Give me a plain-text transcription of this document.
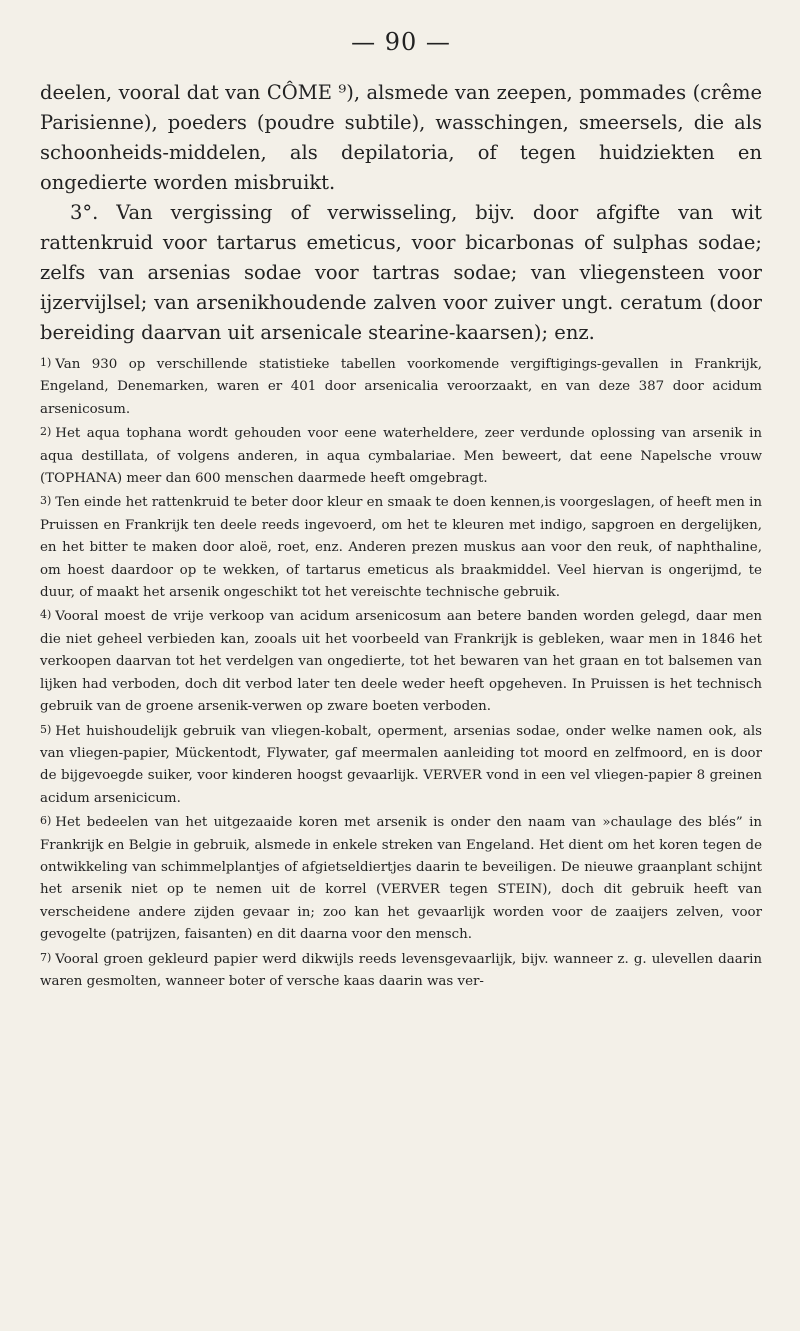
— 90 —

deelen, vooral dat van CÔME ⁹), alsmede van zeepen, pommades (crême Parisienne), poeders (poudre subtile), wasschingen, smeersels, die als schoonheids-middelen, als depilatoria, of tegen huidziekten en ongedierte worden misbruikt.

3°. Van vergissing of verwisseling, bijv. door afgifte van wit rattenkruid voor tartarus emeticus, voor bicarbonas of sulphas sodae; zelfs van arsenias sodae voor tartras sodae; van vliegensteen voor ijzervijlsel; van arsenikhoudende zalven voor zuiver ungt. ceratum (door bereiding daarvan uit arsenicale stearine-kaarsen); enz.

1) Van 930 op verschillende statistieke tabellen voorkomende vergiftigings-gevallen in Frankrijk, Engeland, Denemarken, waren er 401 door arsenicalia veroorzaakt, en van deze 387 door acidum arsenicosum.

2) Het aqua tophana wordt gehouden voor eene waterheldere, zeer verdunde oplossing van arsenik in aqua destillata, of volgens anderen, in aqua cymbalariae. Men beweert, dat eene Napelsche vrouw (TOPHANA) meer dan 600 menschen daarmede heeft omgebragt.

3) Ten einde het rattenkruid te beter door kleur en smaak te doen kennen,is voorgeslagen, of heeft men in Pruissen en Frankrijk ten deele reeds ingevoerd, om het te kleuren met indigo, sapgroen en dergelijken, en het bitter te maken door aloë, roet, enz. Anderen prezen muskus aan voor den reuk, of naphthaline, om hoest daardoor op te wekken, of tartarus emeticus als braakmiddel. Veel hiervan is ongerijmd, te duur, of maakt het arsenik ongeschikt tot het vereischte technische gebruik.

4) Vooral moest de vrije verkoop van acidum arsenicosum aan betere banden worden gelegd, daar men die niet geheel verbieden kan, zooals uit het voorbeeld van Frankrijk is gebleken, waar men in 1846 het verkoopen daarvan tot het verdelgen van ongedierte, tot het bewaren van het graan en tot balsemen van lijken had verboden, doch dit verbod later ten deele weder heeft opgeheven. In Pruissen is het technisch gebruik van de groene arsenik-verwen op zware boeten verboden.

5) Het huishoudelijk gebruik van vliegen-kobalt, operment, arsenias sodae, onder welke namen ook, als van vliegen-papier, Mückentodt, Flywater, gaf meermalen aanleiding tot moord en zelfmoord, en is door de bijgevoegde suiker, voor kinderen hoogst gevaarlijk. VERVER vond in een vel vliegen-papier 8 greinen acidum arsenicicum.

6) Het bedeelen van het uitgezaaide koren met arsenik is onder den naam van »chaulage des blés” in Frankrijk en Belgie in gebruik, alsmede in enkele streken van Engeland. Het dient om het koren tegen de ontwikkeling van schimmelplantjes of afgietseldiertjes daarin te beveiligen. De nieuwe graanplant schijnt het arsenik niet op te nemen uit de korrel (VERVER tegen STEIN), doch dit gebruik heeft van verscheidene andere zijden gevaar in; zoo kan het gevaarlijk worden voor de zaaijers zelven, voor gevogelte (patrijzen, faisanten) en dit daarna voor den mensch.

7) Vooral groen gekleurd papier werd dikwijls reeds levensgevaarlijk, bijv. wanneer z. g. ulevellen daarin waren gesmolten, wanneer boter of versche kaas daarin was ver-
